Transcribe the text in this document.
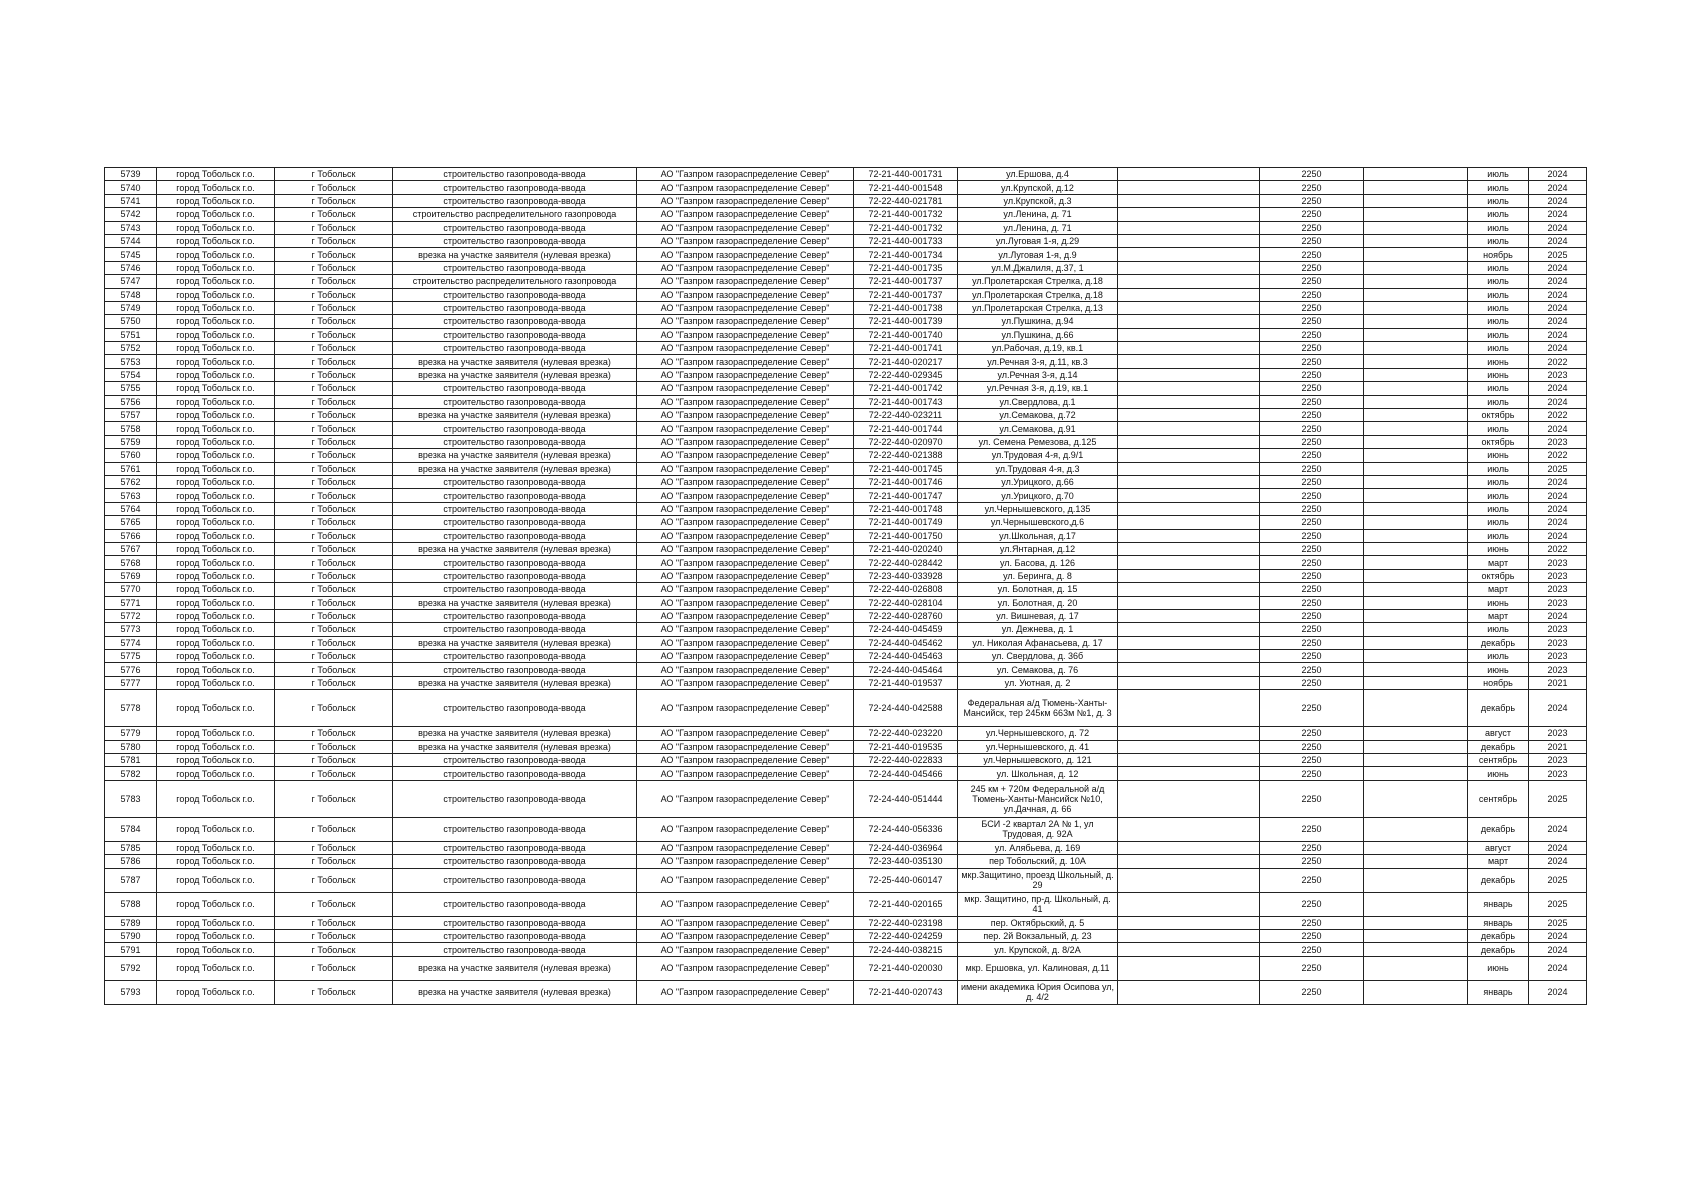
5739	город Тобольск г.о.	г Тобольск	строительство газопровода-ввода	АО "Газпром газораспределение Север"	72-21-440-001731	ул.Ершова, д.4		2250		июль	2024
5740	город Тобольск г.о.	г Тобольск	строительство газопровода-ввода	АО "Газпром газораспределение Север"	72-21-440-001548	ул.Крупской, д.12		2250		июль	2024
5741	город Тобольск г.о.	г Тобольск	строительство газопровода-ввода	АО "Газпром газораспределение Север"	72-22-440-021781	ул.Крупской, д.3		2250		июль	2024
5742	город Тобольск г.о.	г Тобольск	строительство распределительного газопровода	АО "Газпром газораспределение Север"	72-21-440-001732	ул.Ленина, д. 71		2250		июль	2024
5743	город Тобольск г.о.	г Тобольск	строительство газопровода-ввода	АО "Газпром газораспределение Север"	72-21-440-001732	ул.Ленина, д. 71		2250		июль	2024
5744	город Тобольск г.о.	г Тобольск	строительство газопровода-ввода	АО "Газпром газораспределение Север"	72-21-440-001733	ул.Луговая 1-я, д.29		2250		июль	2024
5745	город Тобольск г.о.	г Тобольск	врезка на участке заявителя (нулевая врезка)	АО "Газпром газораспределение Север"	72-21-440-001734	ул.Луговая 1-я, д.9		2250		ноябрь	2025
5746	город Тобольск г.о.	г Тобольск	строительство газопровода-ввода	АО "Газпром газораспределение Север"	72-21-440-001735	ул.М.Джалиля, д.37, 1		2250		июль	2024
5747	город Тобольск г.о.	г Тобольск	строительство распределительного газопровода	АО "Газпром газораспределение Север"	72-21-440-001737	ул.Пролетарская Стрелка, д.18		2250		июль	2024
5748	город Тобольск г.о.	г Тобольск	строительство газопровода-ввода	АО "Газпром газораспределение Север"	72-21-440-001737	ул.Пролетарская Стрелка, д.18		2250		июль	2024
5749	город Тобольск г.о.	г Тобольск	строительство газопровода-ввода	АО "Газпром газораспределение Север"	72-21-440-001738	ул.Пролетарская Стрелка, д.13		2250		июль	2024
5750	город Тобольск г.о.	г Тобольск	строительство газопровода-ввода	АО "Газпром газораспределение Север"	72-21-440-001739	ул.Пушкина, д.94		2250		июль	2024
5751	город Тобольск г.о.	г Тобольск	строительство газопровода-ввода	АО "Газпром газораспределение Север"	72-21-440-001740	ул.Пушкина, д.66		2250		июль	2024
5752	город Тобольск г.о.	г Тобольск	строительство газопровода-ввода	АО "Газпром газораспределение Север"	72-21-440-001741	ул.Рабочая, д.19, кв.1		2250		июль	2024
5753	город Тобольск г.о.	г Тобольск	врезка на участке заявителя (нулевая врезка)	АО "Газпром газораспределение Север"	72-21-440-020217	ул.Речная 3-я, д.11, кв.3		2250		июнь	2022
5754	город Тобольск г.о.	г Тобольск	врезка на участке заявителя (нулевая врезка)	АО "Газпром газораспределение Север"	72-22-440-029345	ул.Речная 3-я, д.14		2250		июнь	2023
5755	город Тобольск г.о.	г Тобольск	строительство газопровода-ввода	АО "Газпром газораспределение Север"	72-21-440-001742	ул.Речная 3-я, д.19, кв.1		2250		июль	2024
5756	город Тобольск г.о.	г Тобольск	строительство газопровода-ввода	АО "Газпром газораспределение Север"	72-21-440-001743	ул.Свердлова, д.1		2250		июль	2024
5757	город Тобольск г.о.	г Тобольск	врезка на участке заявителя (нулевая врезка)	АО "Газпром газораспределение Север"	72-22-440-023211	ул.Семакова, д.72		2250		октябрь	2022
5758	город Тобольск г.о.	г Тобольск	строительство газопровода-ввода	АО "Газпром газораспределение Север"	72-21-440-001744	ул.Семакова, д.91		2250		июль	2024
5759	город Тобольск г.о.	г Тобольск	строительство газопровода-ввода	АО "Газпром газораспределение Север"	72-22-440-020970	ул. Семена Ремезова, д.125		2250		октябрь	2023
5760	город Тобольск г.о.	г Тобольск	врезка на участке заявителя (нулевая врезка)	АО "Газпром газораспределение Север"	72-22-440-021388	ул.Трудовая 4-я, д.9/1		2250		июнь	2022
5761	город Тобольск г.о.	г Тобольск	врезка на участке заявителя (нулевая врезка)	АО "Газпром газораспределение Север"	72-21-440-001745	ул.Трудовая 4-я, д.3		2250		июль	2025
5762	город Тобольск г.о.	г Тобольск	строительство газопровода-ввода	АО "Газпром газораспределение Север"	72-21-440-001746	ул.Урицкого, д.66		2250		июль	2024
5763	город Тобольск г.о.	г Тобольск	строительство газопровода-ввода	АО "Газпром газораспределение Север"	72-21-440-001747	ул.Урицкого, д.70		2250		июль	2024
5764	город Тобольск г.о.	г Тобольск	строительство газопровода-ввода	АО "Газпром газораспределение Север"	72-21-440-001748	ул.Чернышевского, д.135		2250		июль	2024
5765	город Тобольск г.о.	г Тобольск	строительство газопровода-ввода	АО "Газпром газораспределение Север"	72-21-440-001749	ул.Чернышевского,д.6		2250		июль	2024
5766	город Тобольск г.о.	г Тобольск	строительство газопровода-ввода	АО "Газпром газораспределение Север"	72-21-440-001750	ул.Школьная, д.17		2250		июль	2024
5767	город Тобольск г.о.	г Тобольск	врезка на участке заявителя (нулевая врезка)	АО "Газпром газораспределение Север"	72-21-440-020240	ул.Янтарная, д.12		2250		июнь	2022
5768	город Тобольск г.о.	г Тобольск	строительство газопровода-ввода	АО "Газпром газораспределение Север"	72-22-440-028442	ул. Басова, д. 126		2250		март	2023
5769	город Тобольск г.о.	г Тобольск	строительство газопровода-ввода	АО "Газпром газораспределение Север"	72-23-440-033928	ул. Беринга, д. 8		2250		октябрь	2023
5770	город Тобольск г.о.	г Тобольск	строительство газопровода-ввода	АО "Газпром газораспределение Север"	72-22-440-026808	ул. Болотная, д. 15		2250		март	2023
5771	город Тобольск г.о.	г Тобольск	врезка на участке заявителя (нулевая врезка)	АО "Газпром газораспределение Север"	72-22-440-028104	ул. Болотная, д. 20		2250		июнь	2023
5772	город Тобольск г.о.	г Тобольск	строительство газопровода-ввода	АО "Газпром газораспределение Север"	72-22-440-028760	ул. Вишневая, д. 17		2250		март	2024
5773	город Тобольск г.о.	г Тобольск	строительство газопровода-ввода	АО "Газпром газораспределение Север"	72-24-440-045459	ул. Дежнева, д. 1		2250		июль	2023
5774	город Тобольск г.о.	г Тобольск	врезка на участке заявителя (нулевая врезка)	АО "Газпром газораспределение Север"	72-24-440-045462	ул. Николая Афанасьева, д. 17		2250		декабрь	2023
5775	город Тобольск г.о.	г Тобольск	строительство газопровода-ввода	АО "Газпром газораспределение Север"	72-24-440-045463	ул. Свердлова, д. 36б		2250		июль	2023
5776	город Тобольск г.о.	г Тобольск	строительство газопровода-ввода	АО "Газпром газораспределение Север"	72-24-440-045464	ул. Семакова, д. 76		2250		июнь	2023
5777	город Тобольск г.о.	г Тобольск	врезка на участке заявителя (нулевая врезка)	АО "Газпром газораспределение Север"	72-21-440-019537	ул. Уютная, д. 2		2250		ноябрь	2021
5778	город Тобольск г.о.	г Тобольск	строительство газопровода-ввода	АО "Газпром газораспределение Север"	72-24-440-042588	Федеральная а/д Тюмень-Ханты-Мансийск, тер 245км 663м №1, д. 3		2250		декабрь	2024
5779	город Тобольск г.о.	г Тобольск	врезка на участке заявителя (нулевая врезка)	АО "Газпром газораспределение Север"	72-22-440-023220	ул.Чернышевского, д. 72		2250		август	2023
5780	город Тобольск г.о.	г Тобольск	врезка на участке заявителя (нулевая врезка)	АО "Газпром газораспределение Север"	72-21-440-019535	ул.Чернышевского, д. 41		2250		декабрь	2021
5781	город Тобольск г.о.	г Тобольск	строительство газопровода-ввода	АО "Газпром газораспределение Север"	72-22-440-022833	ул.Чернышевского, д. 121		2250		сентябрь	2023
5782	город Тобольск г.о.	г Тобольск	строительство газопровода-ввода	АО "Газпром газораспределение Север"	72-24-440-045466	ул. Школьная, д. 12		2250		июнь	2023
5783	город Тобольск г.о.	г Тобольск	строительство газопровода-ввода	АО "Газпром газораспределение Север"	72-24-440-051444	245 км + 720м Федеральной а/д Тюмень-Ханты-Мансийск №10, ул.Дачная, д. 66		2250		сентябрь	2025
5784	город Тобольск г.о.	г Тобольск	строительство газопровода-ввода	АО "Газпром газораспределение Север"	72-24-440-056336	БСИ -2 квартал 2А № 1, ул Трудовая, д. 92А		2250		декабрь	2024
5785	город Тобольск г.о.	г Тобольск	строительство газопровода-ввода	АО "Газпром газораспределение Север"	72-24-440-036964	ул. Алябьева, д. 169		2250		август	2024
5786	город Тобольск г.о.	г Тобольск	строительство газопровода-ввода	АО "Газпром газораспределение Север"	72-23-440-035130	пер Тобольский, д. 10А		2250		март	2024
5787	город Тобольск г.о.	г Тобольск	строительство газопровода-ввода	АО "Газпром газораспределение Север"	72-25-440-060147	мкр.Защитино, проезд Школьный, д. 29		2250		декабрь	2025
5788	город Тобольск г.о.	г Тобольск	строительство газопровода-ввода	АО "Газпром газораспределение Север"	72-21-440-020165	мкр. Защитино, пр-д. Школьный, д. 41		2250		январь	2025
5789	город Тобольск г.о.	г Тобольск	строительство газопровода-ввода	АО "Газпром газораспределение Север"	72-22-440-023198	пер. Октябрьский, д. 5		2250		январь	2025
5790	город Тобольск г.о.	г Тобольск	строительство газопровода-ввода	АО "Газпром газораспределение Север"	72-22-440-024259	пер. 2й Вокзальный, д. 23		2250		декабрь	2024
5791	город Тобольск г.о.	г Тобольск	строительство газопровода-ввода	АО "Газпром газораспределение Север"	72-24-440-038215	ул. Крупской, д. 8/2А		2250		декабрь	2024
5792	город Тобольск г.о.	г Тобольск	врезка на участке заявителя (нулевая врезка)	АО "Газпром газораспределение Север"	72-21-440-020030	мкр. Ершовка, ул. Калиновая, д.11		2250		июнь	2024
5793	город Тобольск г.о.	г Тобольск	врезка на участке заявителя (нулевая врезка)	АО "Газпром газораспределение Север"	72-21-440-020743	имени академика Юрия Осипова ул, д. 4/2		2250		январь	2024
